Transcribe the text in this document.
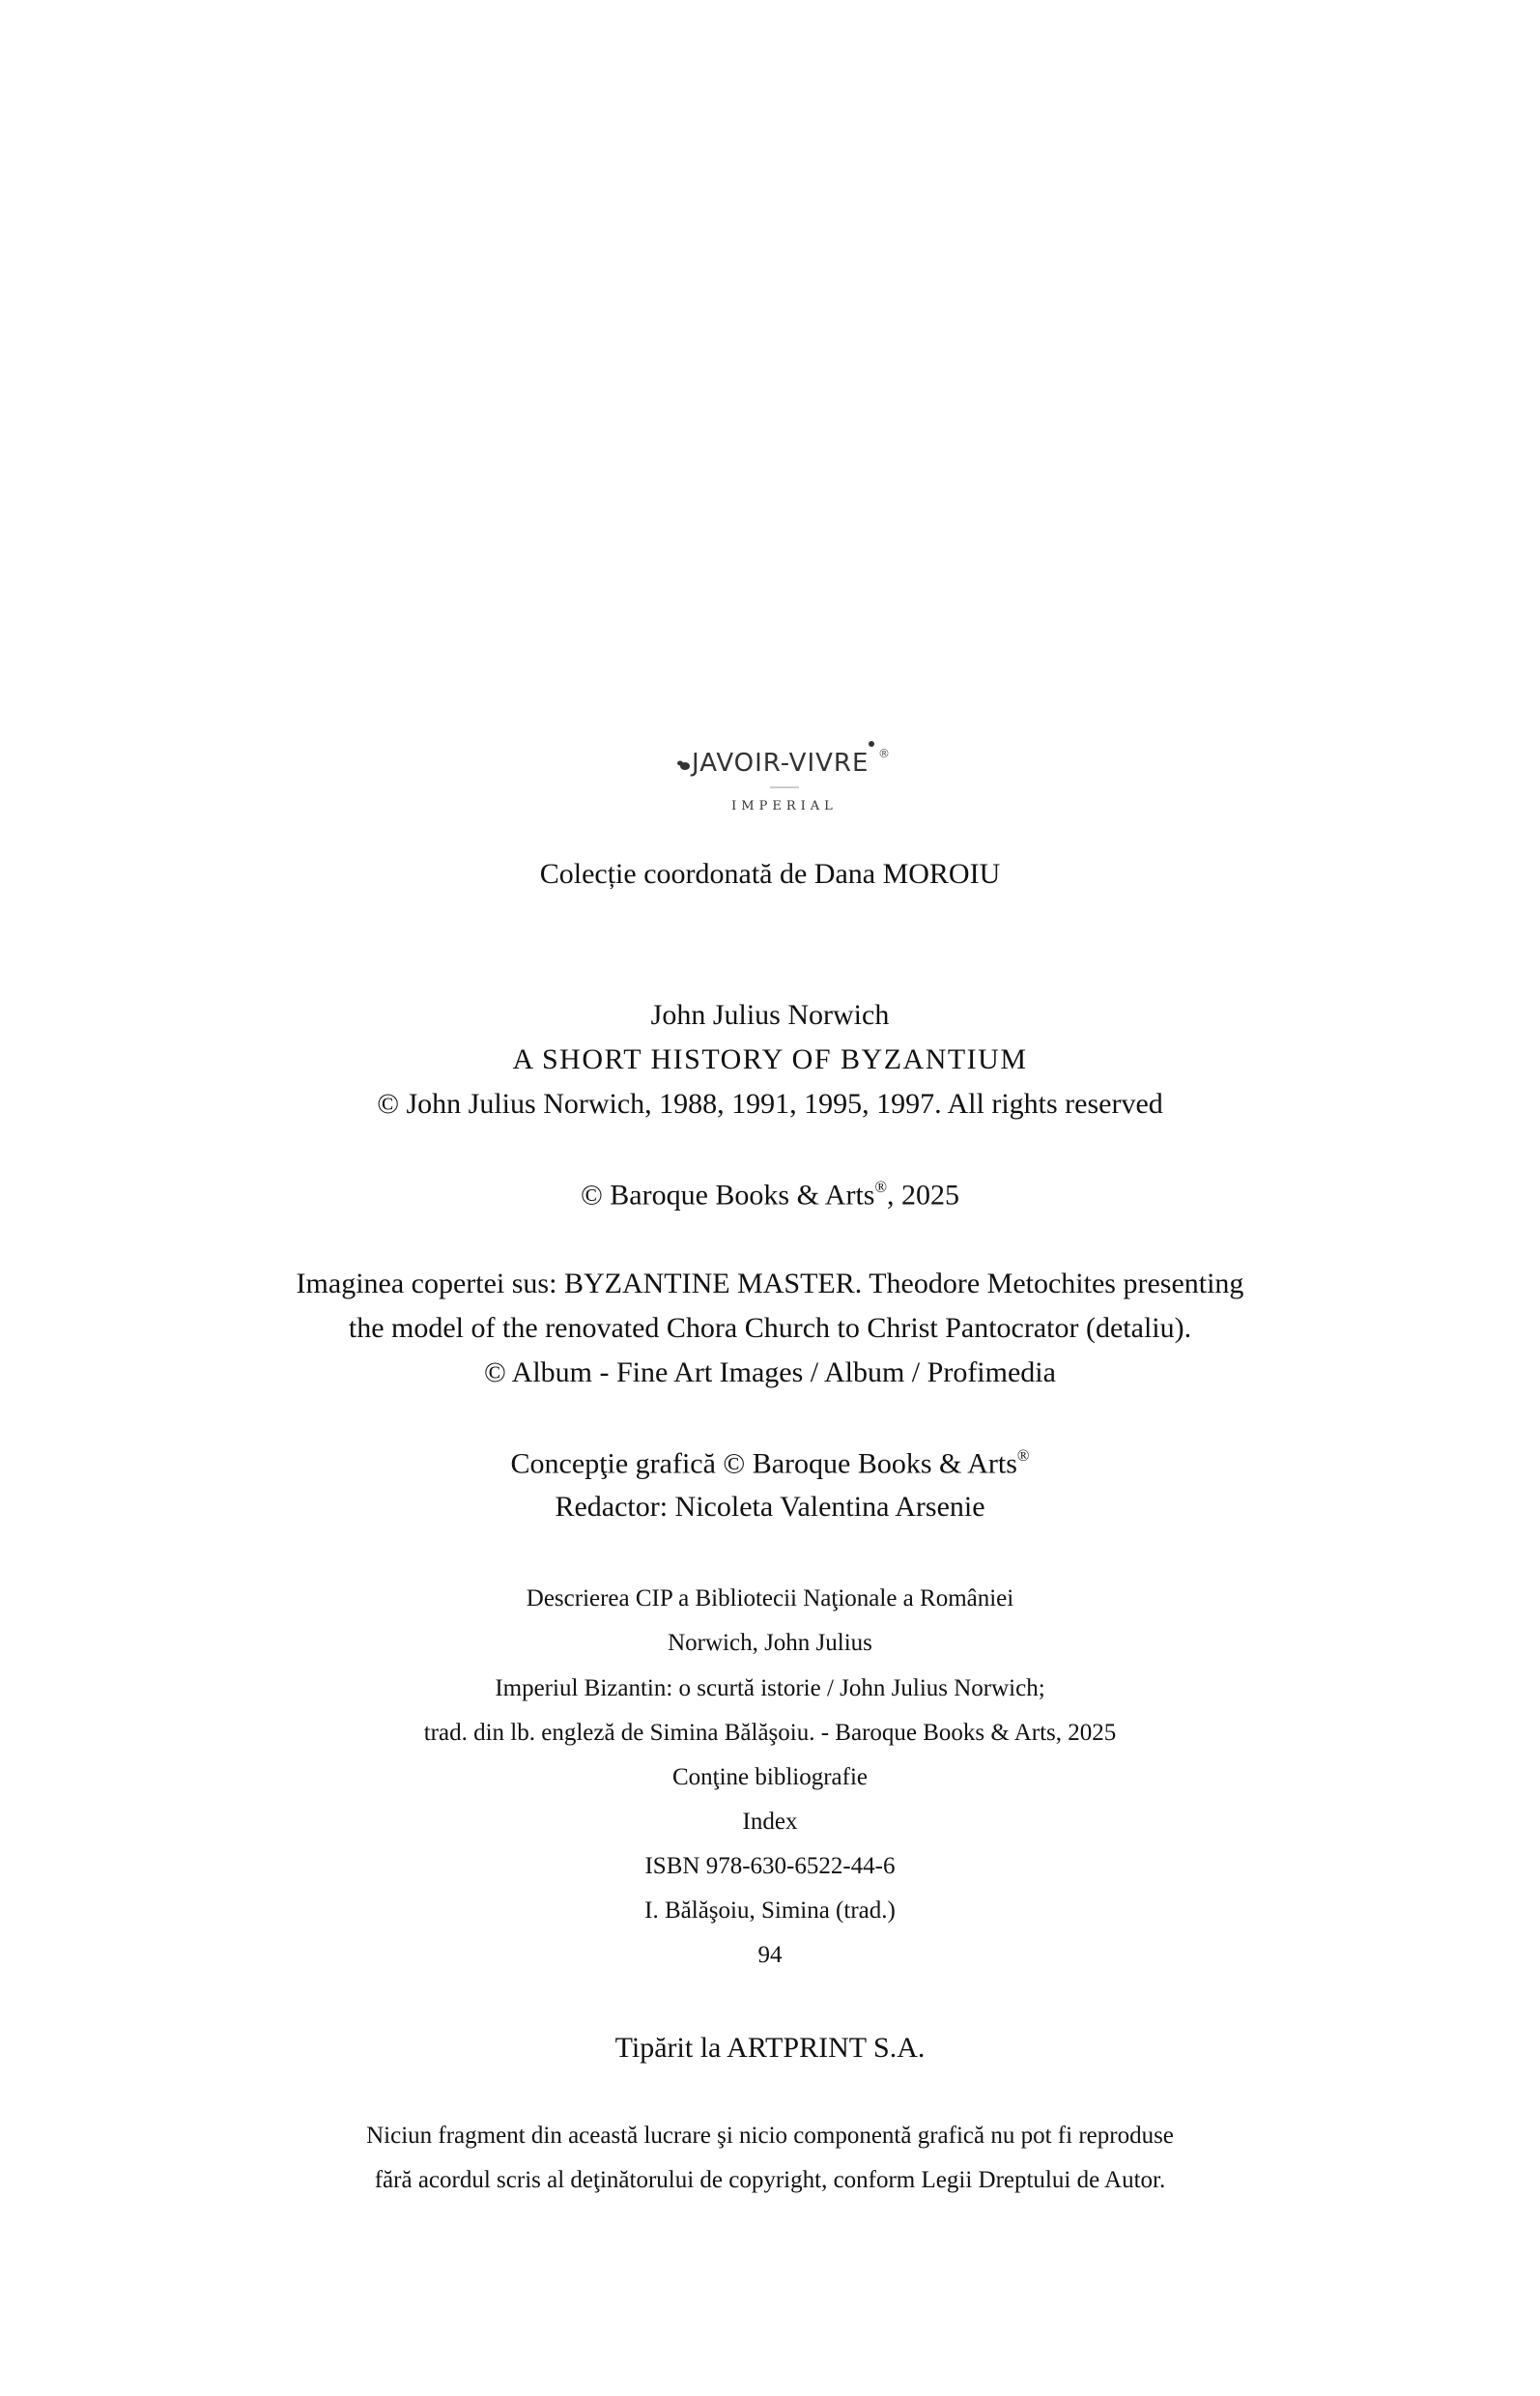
JAVOIR-VIVRE ®
IMPERIAL
Colecție coordonată de Dana MOROIU
John Julius Norwich
A SHORT HISTORY OF BYZANTIUM
© John Julius Norwich, 1988, 1991, 1995, 1997. All rights reserved
© Baroque Books & Arts®, 2025
Imaginea copertei sus: BYZANTINE MASTER. Theodore Metochites presenting
the model of the renovated Chora Church to Christ Pantocrator (detaliu).
© Album - Fine Art Images / Album / Profimedia
Concepţie grafică © Baroque Books & Arts®
Redactor: Nicoleta Valentina Arsenie
Descrierea CIP a Bibliotecii Naţionale a României
Norwich, John Julius
Imperiul Bizantin: o scurtă istorie / John Julius Norwich;
trad. din lb. engleză de Simina Bălăşoiu. - Baroque Books & Arts, 2025
Conţine bibliografie
Index
ISBN 978-630-6522-44-6
I. Bălăşoiu, Simina (trad.)
94
Tipărit la ARTPRINT S.A.
Niciun fragment din această lucrare şi nicio componentă grafică nu pot fi reproduse
fără acordul scris al deţinătorului de copyright, conform Legii Dreptului de Autor.
